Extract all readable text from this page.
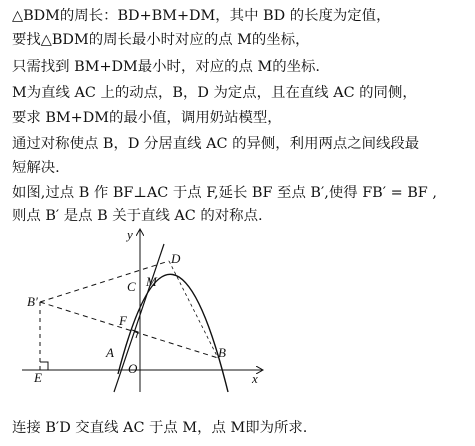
△BDM的周长：BD+BM+DM，其中 BD 的长度为定值，
要找△BDM的周长最小时对应的点 M的坐标，
只需找到 BM+DM最小时，对应的点 M的坐标.
M为直线 AC 上的动点，B，D 为定点，且在直线 AC 的同侧，
要求 BM+DM的最小值，调用奶站模型，
通过对称使点 B，D 分居直线 AC 的异侧，利用两点之间线段最
短解决.
如图,过点 B 作 BF⊥AC 于点 F,延长 BF 至点 B′,使得 FB′ = BF ,
则点 B′ 是点 B 关于直线 AC 的对称点.
x
y
D
C M
B′
F
A
O
B
E
连接 B′D 交直线 AC 于点 M，点 M即为所求.
